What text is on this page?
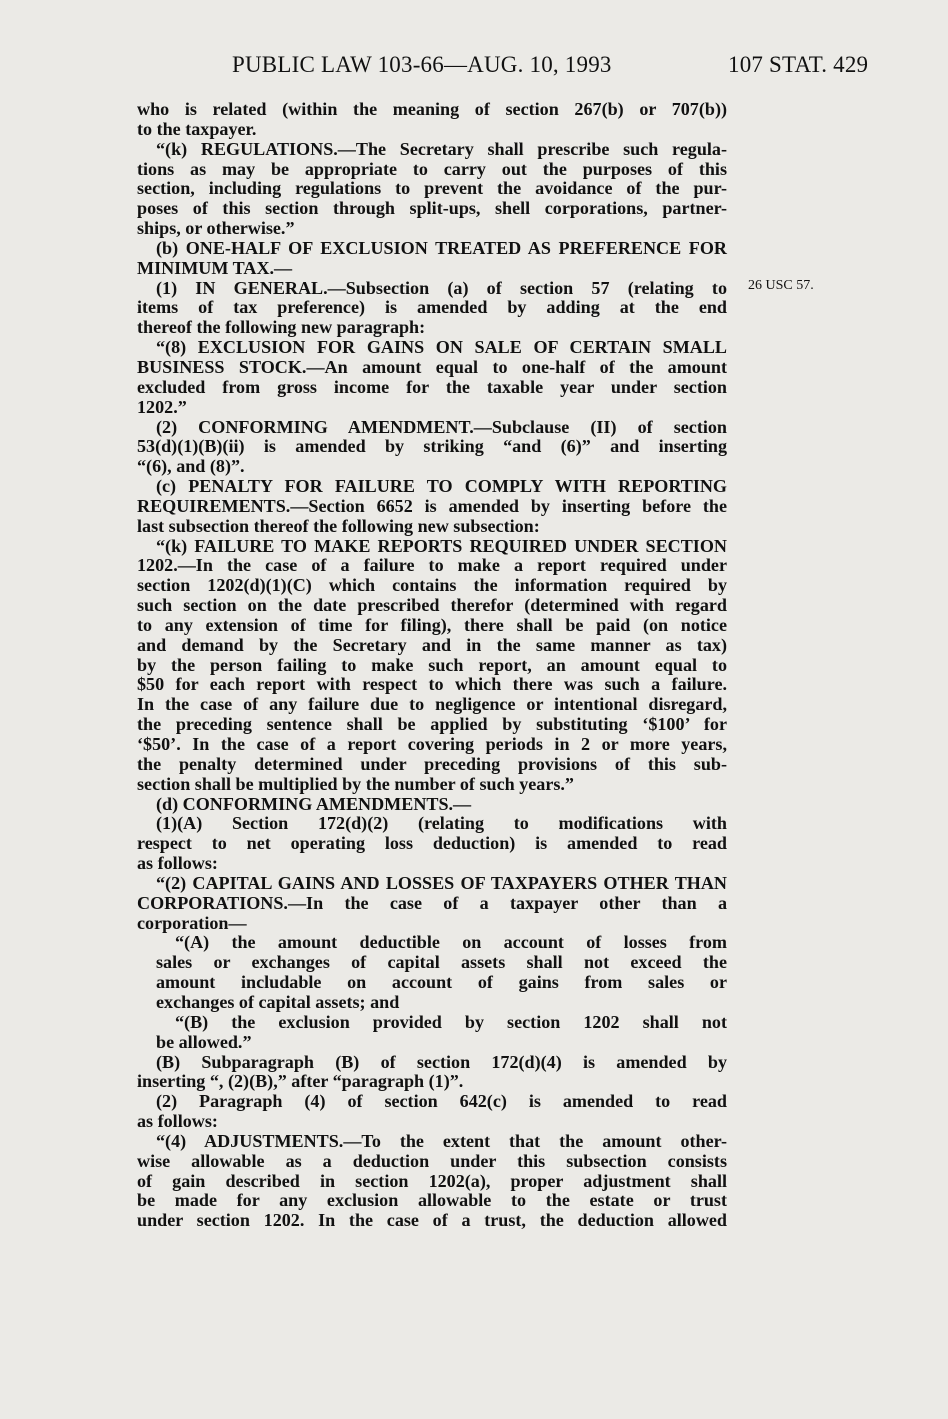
PUBLIC LAW 103-66—AUG. 10, 1993	107 STAT. 429
26 USC 57.
who is related (within the meaning of section 267(b) or 707(b))
to the taxpayer.
“(k) REGULATIONS.—The Secretary shall prescribe such regula-
tions as may be appropriate to carry out the purposes of this
section, including regulations to prevent the avoidance of the pur-
poses of this section through split-ups, shell corporations, partner-
ships, or otherwise.”
(b) ONE-HALF OF EXCLUSION TREATED AS PREFERENCE FOR
MINIMUM TAX.—
(1) IN GENERAL.—Subsection (a) of section 57 (relating to
items of tax preference) is amended by adding at the end
thereof the following new paragraph:
“(8) EXCLUSION FOR GAINS ON SALE OF CERTAIN SMALL
BUSINESS STOCK.—An amount equal to one-half of the amount
excluded from gross income for the taxable year under section
1202.”
(2) CONFORMING AMENDMENT.—Subclause (II) of section
53(d)(1)(B)(ii) is amended by striking “and (6)” and inserting
“(6), and (8)”.
(c) PENALTY FOR FAILURE TO COMPLY WITH REPORTING
REQUIREMENTS.—Section 6652 is amended by inserting before the
last subsection thereof the following new subsection:
“(k) FAILURE TO MAKE REPORTS REQUIRED UNDER SECTION
1202.—In the case of a failure to make a report required under
section 1202(d)(1)(C) which contains the information required by
such section on the date prescribed therefor (determined with regard
to any extension of time for filing), there shall be paid (on notice
and demand by the Secretary and in the same manner as tax)
by the person failing to make such report, an amount equal to
$50 for each report with respect to which there was such a failure.
In the case of any failure due to negligence or intentional disregard,
the preceding sentence shall be applied by substituting ‘$100’ for
‘$50’. In the case of a report covering periods in 2 or more years,
the penalty determined under preceding provisions of this sub-
section shall be multiplied by the number of such years.”
(d) CONFORMING AMENDMENTS.—
(1)(A) Section 172(d)(2) (relating to modifications with
respect to net operating loss deduction) is amended to read
as follows:
“(2) CAPITAL GAINS AND LOSSES OF TAXPAYERS OTHER THAN
CORPORATIONS.—In the case of a taxpayer other than a
corporation—
“(A) the amount deductible on account of losses from
sales or exchanges of capital assets shall not exceed the
amount includable on account of gains from sales or
exchanges of capital assets; and
“(B) the exclusion provided by section 1202 shall not
be allowed.”
(B) Subparagraph (B) of section 172(d)(4) is amended by
inserting “, (2)(B),” after “paragraph (1)”.
(2) Paragraph (4) of section 642(c) is amended to read
as follows:
“(4) ADJUSTMENTS.—To the extent that the amount other-
wise allowable as a deduction under this subsection consists
of gain described in section 1202(a), proper adjustment shall
be made for any exclusion allowable to the estate or trust
under section 1202. In the case of a trust, the deduction allowed
